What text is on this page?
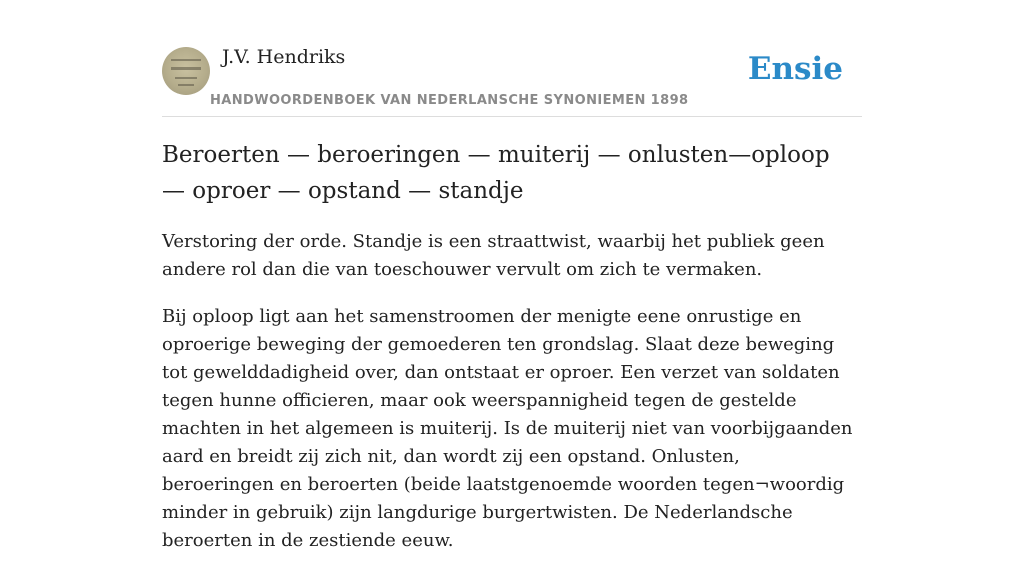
J.V. Hendriks
HANDWOORDENBOEK VAN NEDERLANSCHE SYNONIEMEN 1898
Ensie
Beroerten — beroeringen — muiterij — onlusten—oploop— oproer — opstand — standje

Verstoring der orde. Standje is een straattwist, waarbij het publiek geen andere rol dan die van toeschouwer vervult om zich te vermaken.

Bij oploop ligt aan het samenstroomen der menigte eene onrustige en oproerige beweging der gemoederen ten grondslag. Slaat deze beweging tot gewelddadigheid over, dan ontstaat er oproer. Een verzet van soldaten tegen hunne officieren, maar ook weerspannigheid tegen de gestelde machten in het algemeen is muiterij. Is de muiterij niet van voorbijgaanden aard en breidt zij zich nit, dan wordt zij een opstand. Onlusten, beroeringen en beroerten (beide laatstgenoemde woorden tegen¬woordig minder in gebruik) zijn langdurige burgertwisten. De Nederlandsche beroerten in de zestiende eeuw.
